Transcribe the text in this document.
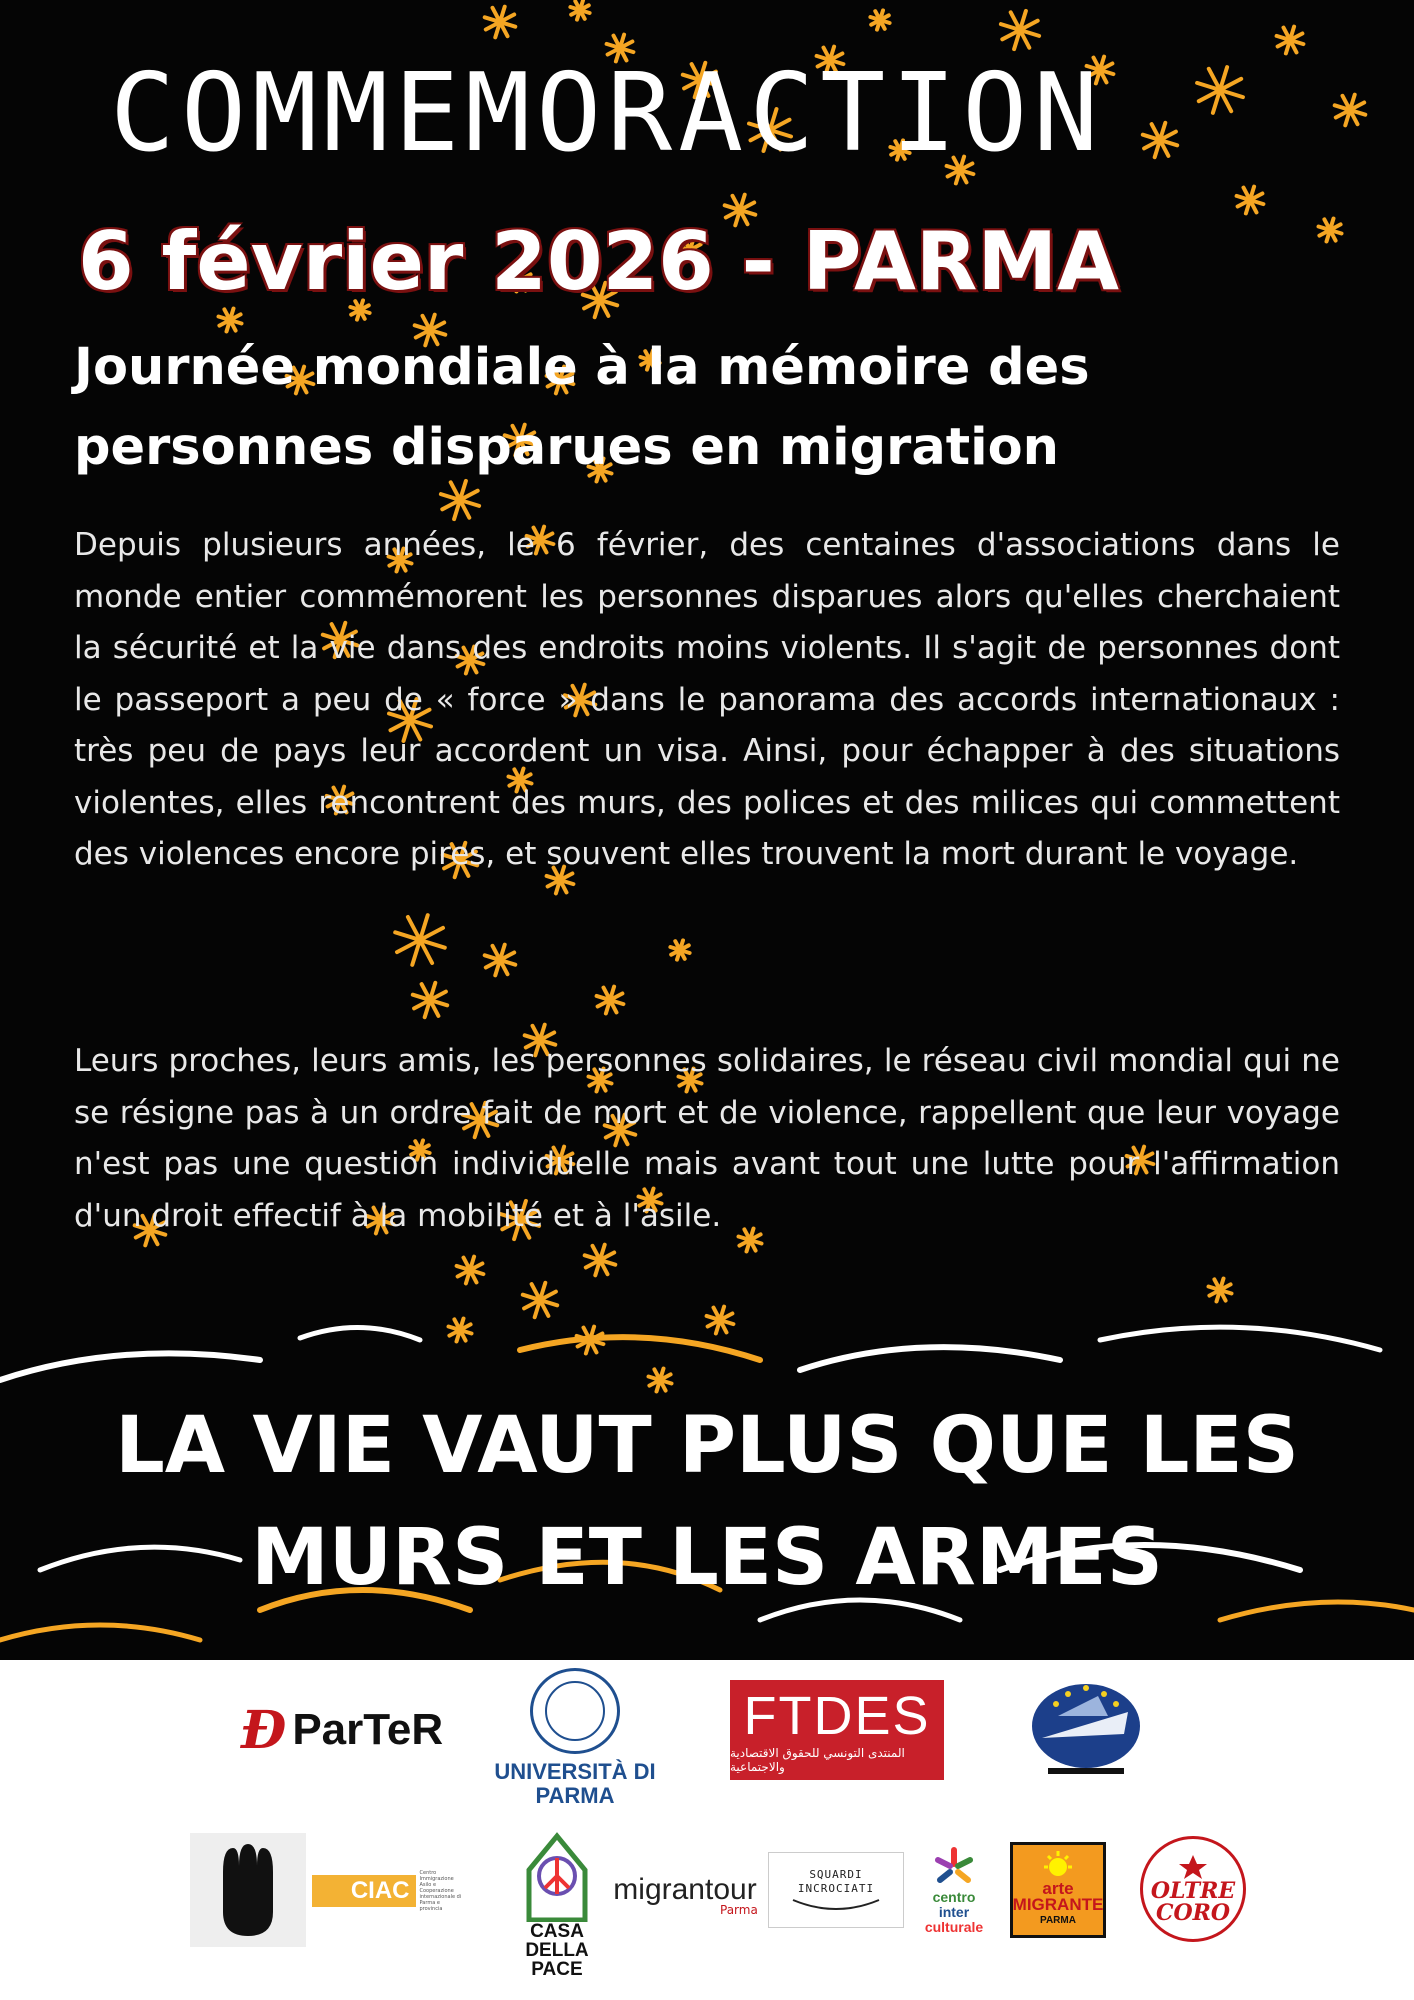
COMMEMORACTION
6 février 2026 - PARMA
Journée mondiale à la mémoire des personnes disparues en migration

Depuis plusieurs années, le 6 février, des centaines d'associations dans le monde entier commémorent les personnes disparues alors qu'elles cherchaient la sécurité et la vie dans des endroits moins violents. Il s'agit de personnes dont le passeport a peu de « force » dans le panorama des accords internationaux : très peu de pays leur accordent un visa. Ainsi, pour échapper à des situations violentes, elles rencontrent des murs, des polices et des milices qui commettent des violences encore pires, et souvent elles trouvent la mort durant le voyage.

Leurs proches, leurs amis, les personnes solidaires, le réseau civil mondial qui ne se résigne pas à un ordre fait de mort et de violence, rappellent que leur voyage n'est pas une question individuelle mais avant tout une lutte pour l'affirmation d'un droit effectif à la mobilité et à l'asile.

LA VIE VAUT PLUS QUE LES MURS ET LES ARMES

Ð ParTeR
UNIVERSITÀ DI PARMA
FTDES
المنتدى التونسي للحقوق الاقتصادية والاجتماعية
CIAC
Centro Immigrazione Asilo e Cooperazione internazionale di Parma e provincia
CASA
DELLA
PACE
migrantour
Parma
SQUARDI
INCROCIATI	centro
inter
culturale
arte
MIGRANTE
PARMA
OLTRE
CORO
